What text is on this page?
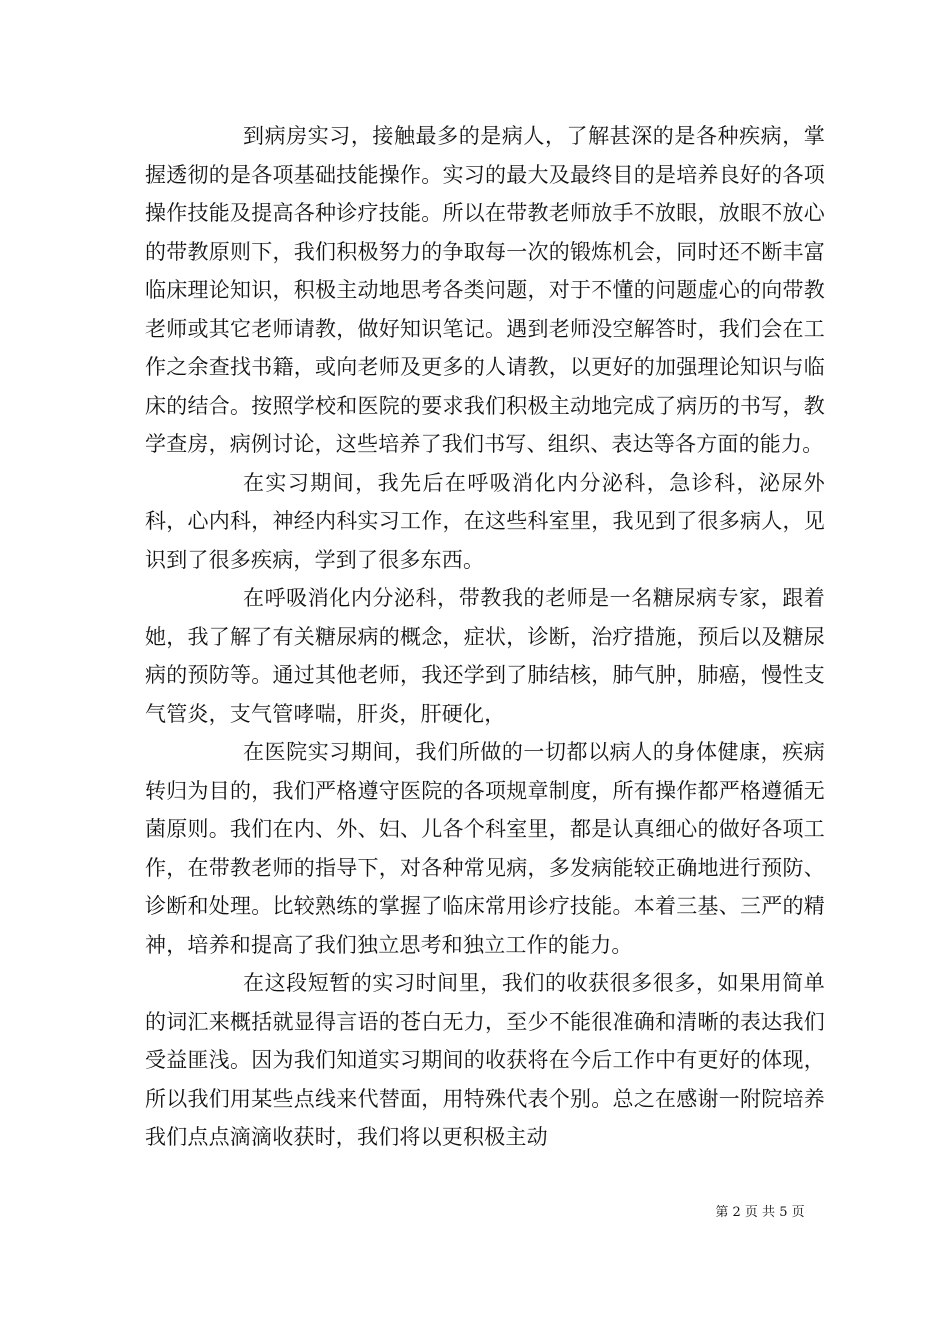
到病房实习，接触最多的是病人，了解甚深的是各种疾病，掌握透彻的是各项基础技能操作。实习的最大及最终目的是培养良好的各项操作技能及提高各种诊疗技能。所以在带教老师放手不放眼，放眼不放心的带教原则下，我们积极努力的争取每一次的锻炼机会，同时还不断丰富临床理论知识，积极主动地思考各类问题，对于不懂的问题虚心的向带教老师或其它老师请教，做好知识笔记。遇到老师没空解答时，我们会在工作之余查找书籍，或向老师及更多的人请教，以更好的加强理论知识与临床的结合。按照学校和医院的要求我们积极主动地完成了病历的书写，教学查房，病例讨论，这些培养了我们书写、组织、表达等各方面的能力。

在实习期间，我先后在呼吸消化内分泌科，急诊科，泌尿外科，心内科，神经内科实习工作，在这些科室里，我见到了很多病人，见识到了很多疾病，学到了很多东西。

在呼吸消化内分泌科，带教我的老师是一名糖尿病专家，跟着她，我了解了有关糖尿病的概念，症状，诊断，治疗措施，预后以及糖尿病的预防等。通过其他老师，我还学到了肺结核，肺气肿，肺癌，慢性支气管炎，支气管哮喘，肝炎，肝硬化，

在医院实习期间，我们所做的一切都以病人的身体健康，疾病转归为目的，我们严格遵守医院的各项规章制度，所有操作都严格遵循无菌原则。我们在内、外、妇、儿各个科室里，都是认真细心的做好各项工作，在带教老师的指导下，对各种常见病，多发病能较正确地进行预防、诊断和处理。比较熟练的掌握了临床常用诊疗技能。本着三基、三严的精神，培养和提高了我们独立思考和独立工作的能力。

在这段短暂的实习时间里，我们的收获很多很多，如果用简单的词汇来概括就显得言语的苍白无力，至少不能很准确和清晰的表达我们受益匪浅。因为我们知道实习期间的收获将在今后工作中有更好的体现，所以我们用某些点线来代替面，用特殊代表个别。总之在感谢一附院培养我们点点滴滴收获时，我们将以更积极主动

第 2 页 共 5 页
